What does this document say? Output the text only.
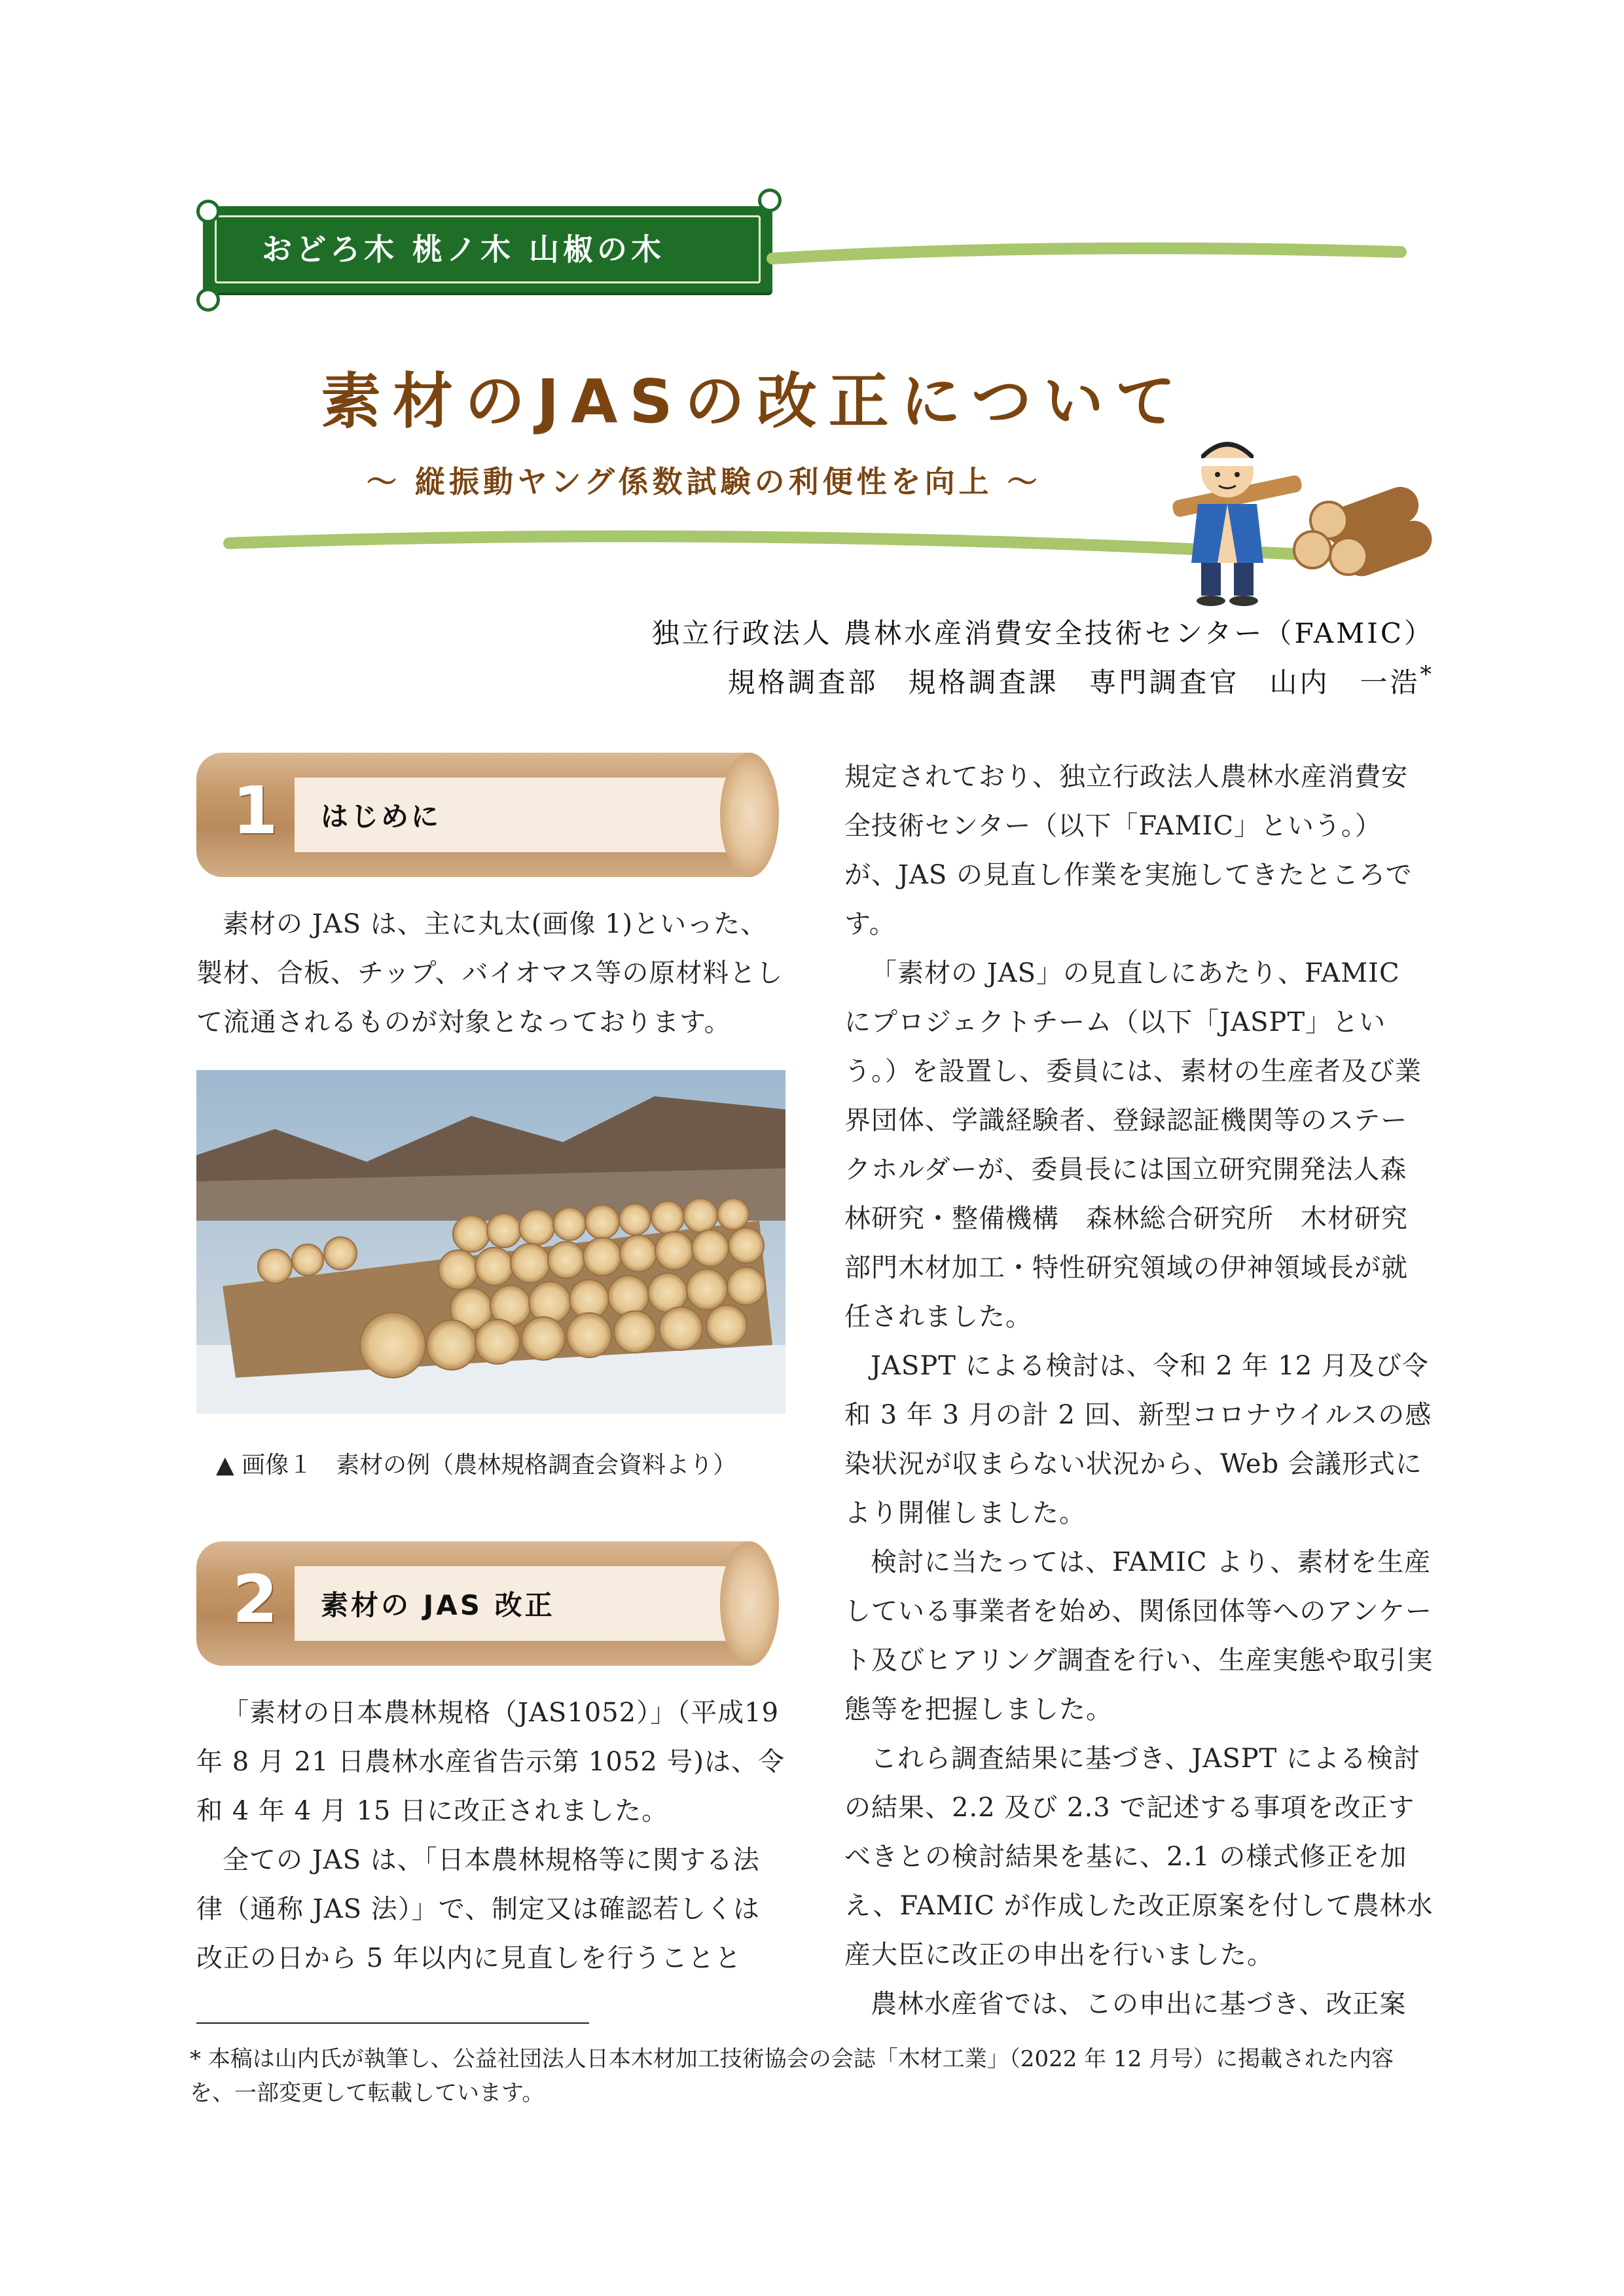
おどろ木 桃ノ木 山椒の木
素材のJASの改正について
～ 縦振動ヤング係数試験の利便性を向上 ～
独立行政法人 農林水産消費安全技術センター（FAMIC）
規格調査部　規格調査課　専門調査官　山内　一浩*
1 はじめに

素材の JAS は、主に丸太(画像 1)といった、製材、合板、チップ、バイオマス等の原材料として流通されるものが対象となっております。

▲ 画像１　素材の例（農林規格調査会資料より）
2 素材の JAS 改正

「素材の日本農林規格（JAS1052）」（平成19 年 8 月 21 日農林水産省告示第 1052 号)は、令和 4 年 4 月 15 日に改正されました。

全ての JAS は、「日本農林規格等に関する法律（通称 JAS 法）」で、制定又は確認若しくは改正の日から 5 年以内に見直しを行うことと

規定されており、独立行政法人農林水産消費安全技術センター（以下「FAMIC」という。）が、JAS の見直し作業を実施してきたところです。

「素材の JAS」の見直しにあたり、FAMIC にプロジェクトチーム（以下「JASPT」という。）を設置し、委員には、素材の生産者及び業界団体、学識経験者、登録認証機関等のステークホルダーが、委員長には国立研究開発法人森林研究・整備機構　森林総合研究所　木材研究部門木材加工・特性研究領域の伊神領域長が就任されました。

JASPT による検討は、令和 2 年 12 月及び令和 3 年 3 月の計 2 回、新型コロナウイルスの感染状況が収まらない状況から、Web 会議形式により開催しました。

検討に当たっては、FAMIC より、素材を生産している事業者を始め、関係団体等へのアンケート及びヒアリング調査を行い、生産実態や取引実態等を把握しました。

これら調査結果に基づき、JASPT による検討の結果、2.2 及び 2.3 で記述する事項を改正すべきとの検討結果を基に、2.1 の様式修正を加え、FAMIC が作成した改正原案を付して農林水産大臣に改正の申出を行いました。

農林水産省では、この申出に基づき、改正案

* 本稿は山内氏が執筆し、公益社団法人日本木材加工技術協会の会誌「木材工業」（2022 年 12 月号）に掲載された内容を、一部変更して転載しています。
